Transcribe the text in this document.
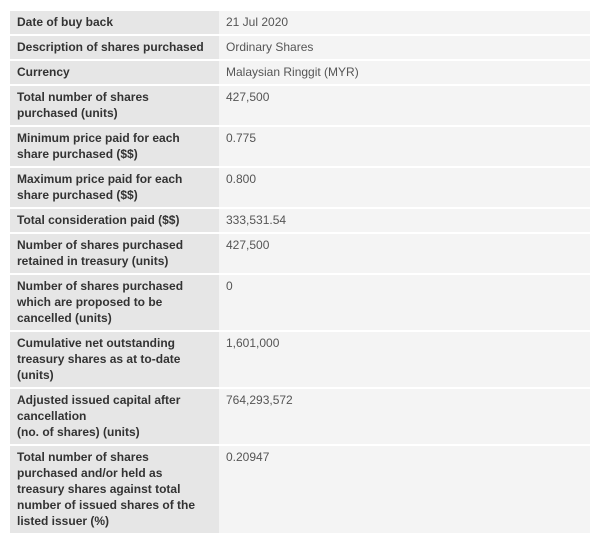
Date of buy back	21 Jul 2020
Description of shares purchased	Ordinary Shares
Currency	Malaysian Ringgit (MYR)
Total number of shares purchased (units)	427,500
Minimum price paid for each share purchased ($$)	0.775
Maximum price paid for each share purchased ($$)	0.800
Total consideration paid ($$)	333,531.54
Number of shares purchased retained in treasury (units)	427,500
Number of shares purchased which are proposed to be cancelled (units)	0
Cumulative net outstanding treasury shares as at to-date (units)	1,601,000

Adjusted issued capital after cancellation
(no. of shares) (units)	764,293,572
Total number of shares purchased and/or held as treasury shares against total number of issued shares of the listed issuer (%)	0.20947
